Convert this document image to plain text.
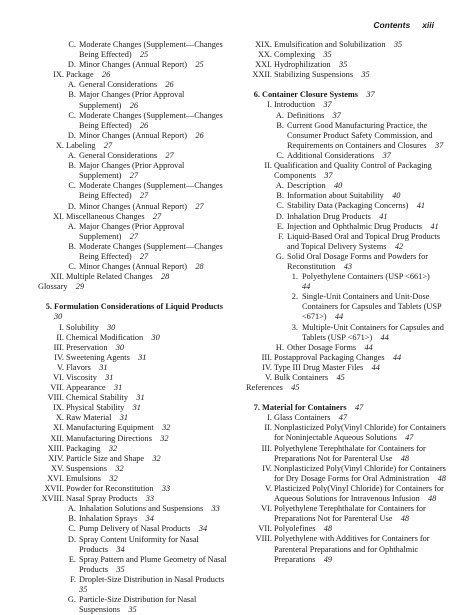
Contents xiii
C. Moderate Changes (Supplement—Changes Being Effected)   25
D. Minor Changes (Annual Report)   25
IX. Package   26
A. General Considerations   26
B. Major Changes (Prior Approval Supplement)   26
C. Moderate Changes (Supplement—Changes Being Effected)   26
D. Minor Changes (Annual Report)   26
X. Labeling   27
A. General Considerations   27
B. Major Changes (Prior Approval Supplement)   27
C. Moderate Changes (Supplement—Changes Being Effected)   27
D. Minor Changes (Annual Report)   27
XI. Miscellaneous Changes   27
A. Major Changes (Prior Approval Supplement)   27
B. Moderate Changes (Supplement—Changes Being Effected)   27
C. Minor Changes (Annual Report)   28
XII. Multiple Related Changes   28
Glossary   29
5. Formulation Considerations of Liquid Products  30
I. Solubility   30
II. Chemical Modification   30
III. Preservation   30
IV. Sweetening Agents   31
V. Flavors   31
VI. Viscosity   31
VII. Appearance   31
VIII. Chemical Stability   31
IX. Physical Stability   31
X. Raw Material   31
XI. Manufacturing Equipment   32
XII. Manufacturing Directions   32
XIII. Packaging   32
XIV. Particle Size and Shape   32
XV. Suspensions   32
XVI. Emulsions   32
XVII. Powder for Reconstitution   33
XVIII. Nasal Spray Products   33
A. Inhalation Solutions and Suspensions   33
B. Inhalation Sprays   34
C. Pump Delivery of Nasal Products   34
D. Spray Content Uniformity for Nasal Products   34
E. Spray Pattern and Plume Geometry of Nasal Products   35
F. Droplet-Size Distribution in Nasal Products  35
G. Particle-Size Distribution for Nasal Suspensions   35
XIX. Emulsification and Solubilization   35
XX. Complexing   35
XXI. Hydrophilization   35
XXII. Stabilizing Suspensions   35
6. Container Closure Systems   37
I. Introduction   37
A. Definitions   37
B. Current Good Manufacturing Practice, the Consumer Product Safety Commission, and Requirements on Containers and Closures   37
C. Additional Considerations   37
II. Qualification and Quality Control of Packaging Components   37
A. Description   40
B. Information about Suitability   40
C. Stability Data (Packaging Concerns)   41
D. Inhalation Drug Products   41
E. Injection and Ophthalmic Drug Products   41
F. Liquid-Based Oral and Topical Drug Products and Topical Delivery Systems   42
G. Solid Oral Dosage Forms and Powders for Reconstitution   43
1. Polyethylene Containers (USP <661>)  44
2. Single-Unit Containers and Unit-Dose Containers for Capsules and Tablets (USP <671>)   44
3. Multiple-Unit Containers for Capsules and Tablets (USP <671>)   44
H. Other Dosage Forms   44
III. Postapproval Packaging Changes   44
IV. Type III Drug Master Files   44
V. Bulk Containers   45
References   45
7. Material for Containers   47
I. Glass Containers   47
II. Nonplasticized Poly(Vinyl Chloride) for Containers for Noninjectable Aqueous Solutions   47
III. Polyethylene Terephthalate for Containers for Preparations Not for Parenteral Use   48
IV. Nonplasticized Poly(Vinyl Chloride) for Containers for Dry Dosage Forms for Oral Administration   48
V. Plasticized Poly(Vinyl Chloride) for Containers for Aqueous Solutions for Intravenous Infusion   48
VI. Polyethylene Terephthalate for Containers for Preparations Not for Parenteral Use   48
VII. Polyolefines   48
VIII. Polyethylene with Additives for Containers for Parenteral Preparations and for Ophthalmic Preparations   49
